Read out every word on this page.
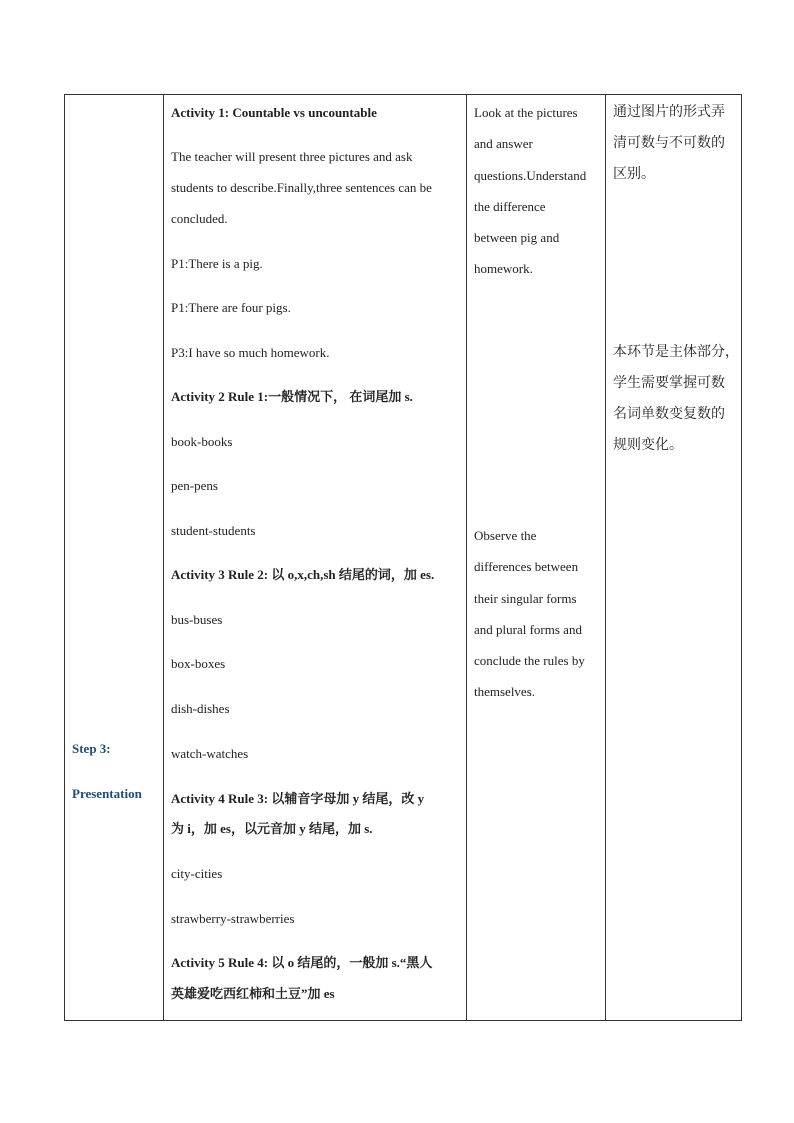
Step 3:
Presentation
Activity 1: Countable vs uncountable
The teacher will present three pictures and ask
students to describe.Finally,three sentences can be
concluded.
P1:There is a pig.
P1:There are four pigs.
P3:I have so much homework.
Activity 2 Rule 1:一般情况下， 在词尾加 s.
book-books
pen-pens
student-students
Activity 3 Rule 2: 以 o,x,ch,sh 结尾的词，加 es.
bus-buses
box-boxes
dish-dishes
watch-watches
Activity 4 Rule 3: 以辅音字母加 y 结尾，改 y
为 i，加 es，以元音加 y 结尾，加 s.
city-cities
strawberry-strawberries
Activity 5 Rule 4: 以 o 结尾的，一般加 s.“黑人
英雄爱吃西红柿和土豆”加 es
Look at the pictures
and answer
questions.Understand
the difference
between pig and
homework.
Observe the
differences between
their singular forms
and plural forms and
conclude the rules by
themselves.
通过图片的形式弄
清可数与不可数的
区别。
本环节是主体部分，
学生需要掌握可数
名词单数变复数的
规则变化。
